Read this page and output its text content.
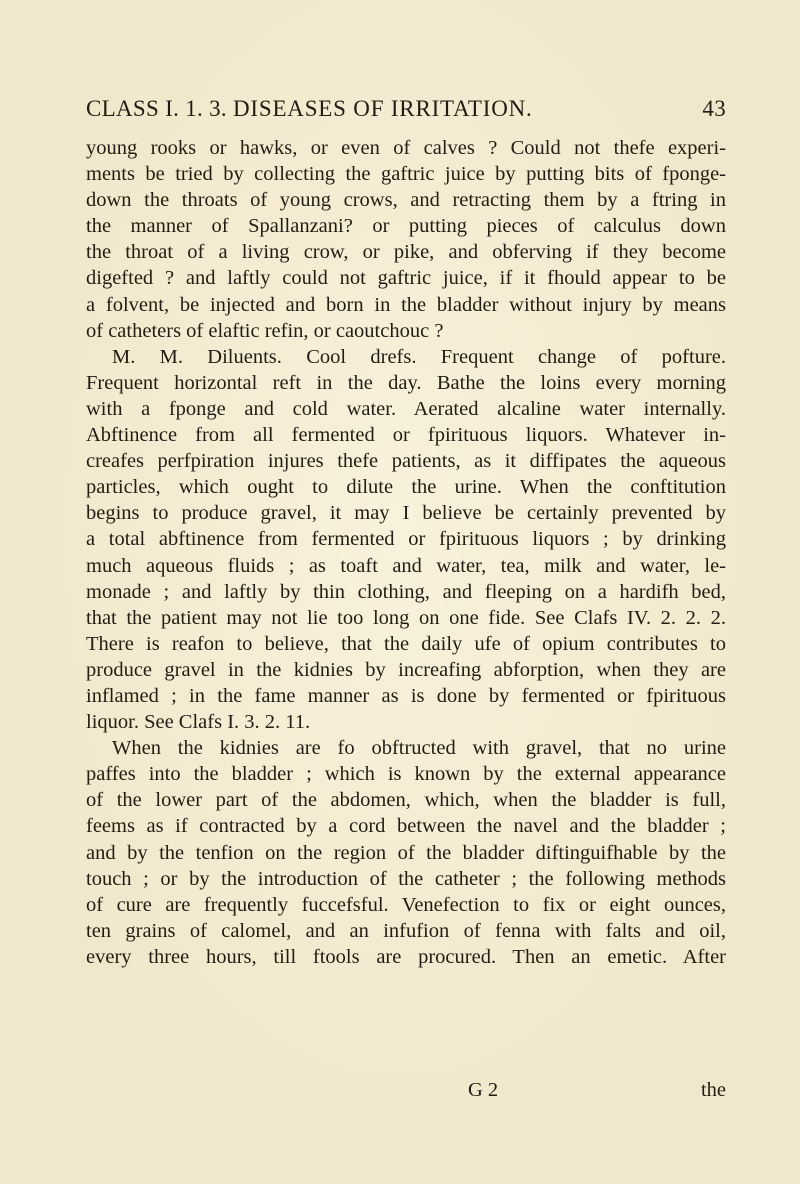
CLASS I. 1. 3. DISEASES OF IRRITATION.	43
young rooks or hawks, or even of calves ? Could not thefe experi-
ments be tried by collecting the gaftric juice by putting bits of fponge-
down the throats of young crows, and retracting them by a ftring in
the manner of Spallanzani? or putting pieces of calculus down
the throat of a living crow, or pike, and obferving if they become
digefted ? and laftly could not gaftric juice, if it fhould appear to be
a folvent, be injected and born in the bladder without injury by means
of catheters of elaftic refin, or caoutchouc ?
M. M. Diluents. Cool drefs. Frequent change of pofture.
Frequent horizontal reft in the day. Bathe the loins every morning
with a fponge and cold water. Aerated alcaline water internally.
Abftinence from all fermented or fpirituous liquors. Whatever in-
creafes perfpiration injures thefe patients, as it diffipates the aqueous
particles, which ought to dilute the urine. When the conftitution
begins to produce gravel, it may I believe be certainly prevented by
a total abftinence from fermented or fpirituous liquors ; by drinking
much aqueous fluids ; as toaft and water, tea, milk and water, le-
monade ; and laftly by thin clothing, and fleeping on a hardifh bed,
that the patient may not lie too long on one fide. See Clafs IV. 2. 2. 2.
There is reafon to believe, that the daily ufe of opium contributes to
produce gravel in the kidnies by increafing abforption, when they are
inflamed ; in the fame manner as is done by fermented or fpirituous
liquor. See Clafs I. 3. 2. 11.
When the kidnies are fo obftructed with gravel, that no urine
paffes into the bladder ; which is known by the external appearance
of the lower part of the abdomen, which, when the bladder is full,
feems as if contracted by a cord between the navel and the bladder ;
and by the tenfion on the region of the bladder diftinguifhable by the
touch ; or by the introduction of the catheter ; the following methods
of cure are frequently fuccefsful. Venefection to fix or eight ounces,
ten grains of calomel, and an infufion of fenna with falts and oil,
every three hours, till ftools are procured. Then an emetic. After
G 2	the
